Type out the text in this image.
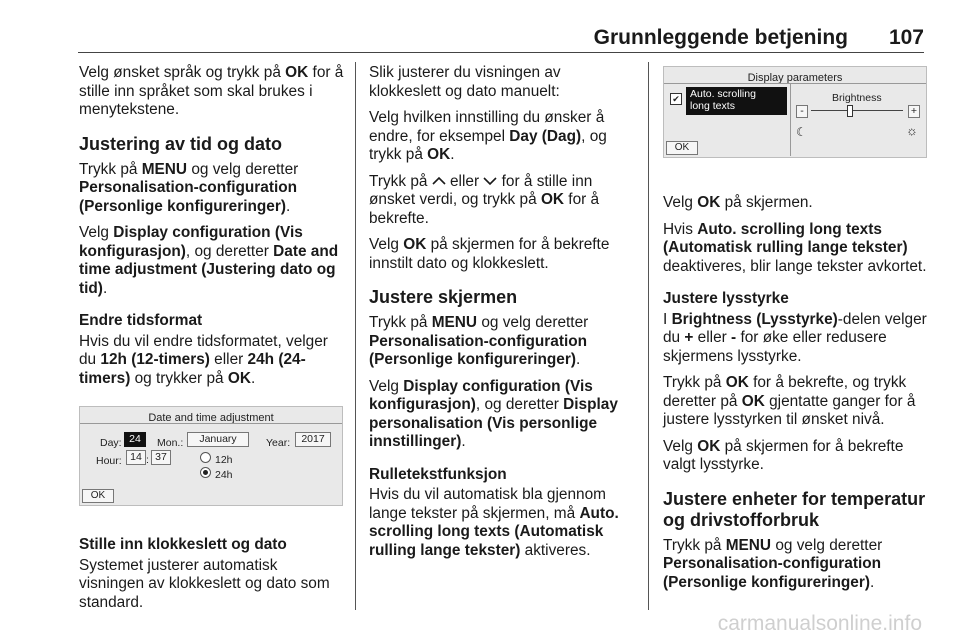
Grunnleggende betjening 107

Velg ønsket språk og trykk på OK for å stille inn språket som skal brukes i menytekstene.

Justering av tid og dato

Trykk på MENU og velg deretter Personalisation-configuration (Personlige konfigureringer).

Velg Display configuration (Vis konfigurasjon), og deretter Date and time adjustment (Justering dato og tid).

Endre tidsformat

Hvis du vil endre tidsformatet, velger du 12h (12-timers) eller 24h (24-timers) og trykker på OK.

Date and time adjustment
Day: 24	Mon.:	January	Year:	2017
Hour: 14 : 37	12h
24h
OK
Stille inn klokkeslett og dato

Systemet justerer automatisk visningen av klokkeslett og dato som standard.

Slik justerer du visningen av klokkeslett og dato manuelt:

Velg hvilken innstilling du ønsker å endre, for eksempel Day (Dag), og trykk på OK.

Trykk på  eller  for å stille inn ønsket verdi, og trykk på OK for å bekrefte.

Velg OK på skjermen for å bekrefte innstilt dato og klokkeslett.

Justere skjermen

Trykk på MENU og velg deretter Personalisation-configuration (Personlige konfigureringer).

Velg Display configuration (Vis konfigurasjon), og deretter Display personalisation (Vis personlige innstillinger).

Rulletekstfunksjon

Hvis du vil automatisk bla gjennom lange tekster på skjermen, må Auto. scrolling long texts (Automatisk rulling lange tekster) aktiveres.

Display parameters
✔ Auto. scrolling
long texts
Brightness
-	+
☾	☼
OK

Velg OK på skjermen.

Hvis Auto. scrolling long texts (Automatisk rulling lange tekster) deaktiveres, blir lange tekster avkortet.

Justere lysstyrke

I Brightness (Lysstyrke)-delen velger du + eller - for øke eller redusere skjermens lysstyrke.

Trykk på OK for å bekrefte, og trykk deretter på OK gjentatte ganger for å justere lysstyrken til ønsket nivå.

Velg OK på skjermen for å bekrefte valgt lysstyrke.

Justere enheter for temperatur og drivstofforbruk

Trykk på MENU og velg deretter Personalisation-configuration (Personlige konfigureringer).

carmanualsonline.info
